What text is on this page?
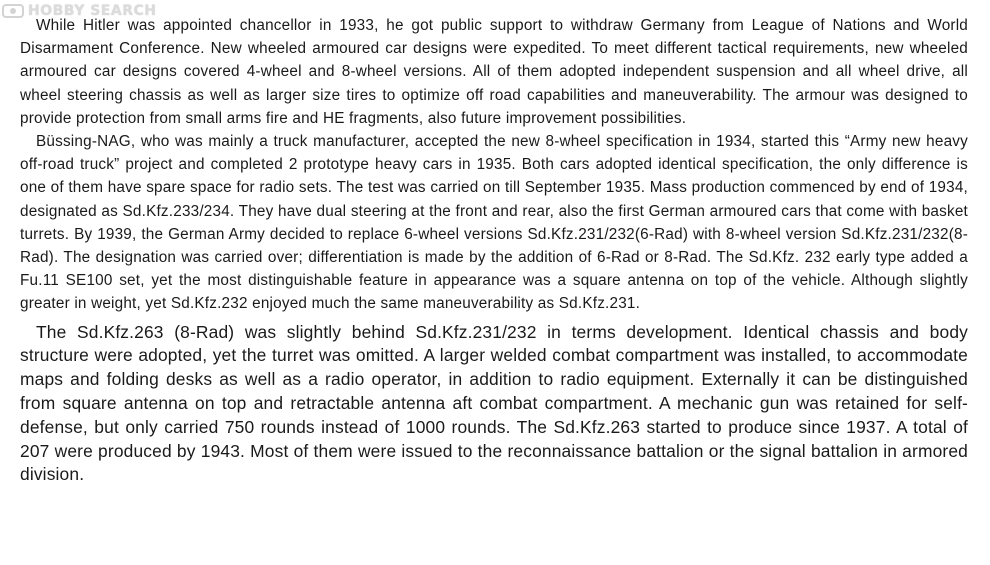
HOBBY SEARCH

While Hitler was appointed chancellor in 1933, he got public support to withdraw Germany from League of Nations and World Disarmament Conference. New wheeled armoured car designs were expedited. To meet different tactical requirements, new wheeled armoured car designs covered 4-wheel and 8-wheel versions. All of them adopted independent suspension and all wheel drive, all wheel steering chassis as well as larger size tires to optimize off road capabilities and maneuverability. The armour was designed to provide protection from small arms fire and HE fragments, also future improvement possibilities.

Büssing-NAG, who was mainly a truck manufacturer, accepted the new 8-wheel specification in 1934, started this “Army new heavy off-road truck” project and completed 2 prototype heavy cars in 1935. Both cars adopted identical specification, the only difference is one of them have spare space for radio sets. The test was carried on till September 1935. Mass production commenced by end of 1934, designated as Sd.Kfz.233/234. They have dual steering at the front and rear, also the first German armoured cars that come with basket turrets. By 1939, the German Army decided to replace 6-wheel versions Sd.Kfz.231/232(6-Rad) with 8-wheel version Sd.Kfz.231/232(8-Rad). The designation was carried over; differentiation is made by the addition of 6-Rad or 8-Rad. The Sd.Kfz. 232 early type added a Fu.11 SE100 set, yet the most distinguishable feature in appearance was a square antenna on top of the vehicle. Although slightly greater in weight, yet Sd.Kfz.232 enjoyed much the same maneuverability as Sd.Kfz.231.

The Sd.Kfz.263 (8-Rad) was slightly behind Sd.Kfz.231/232 in terms development. Identical chassis and body structure were adopted, yet the turret was omitted. A larger welded combat compartment was installed, to accommodate maps and folding desks as well as a radio operator, in addition to radio equipment. Externally it can be distinguished from square antenna on top and retractable antenna aft combat compartment. A mechanic gun was retained for self-defense, but only carried 750 rounds instead of 1000 rounds. The Sd.Kfz.263 started to produce since 1937. A total of 207 were produced by 1943. Most of them were issued to the reconnaissance battalion or the signal battalion in armored division.
